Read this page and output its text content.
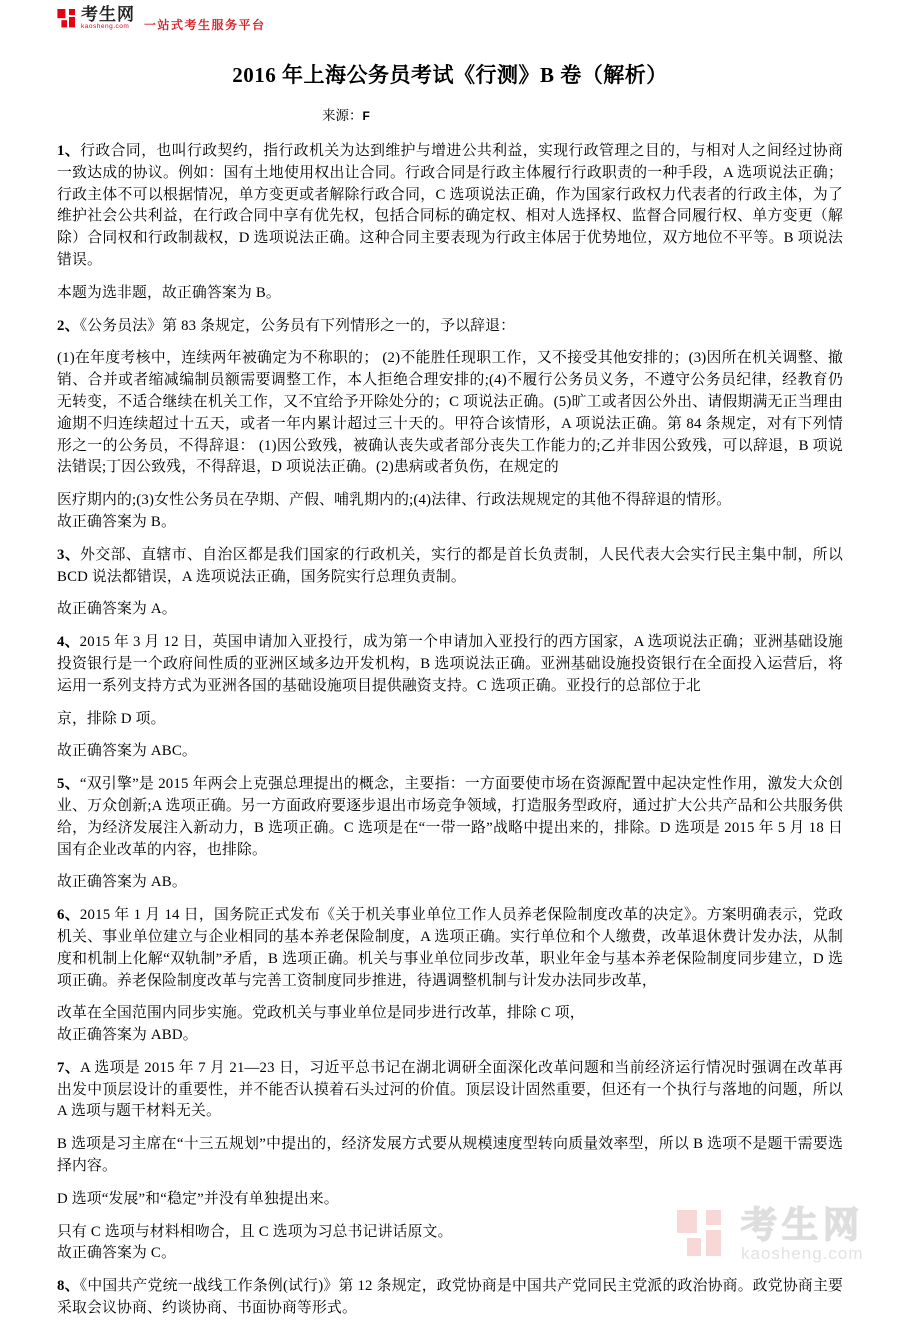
考生网
kaosheng.com	一站式考生服务平台
2016 年上海公务员考试《行测》B 卷（解析）
来源：F

1、行政合同，也叫行政契约，指行政机关为达到维护与增进公共利益，实现行政管理之目的，与相对人之间经过协商一致达成的协议。例如：国有土地使用权出让合同。行政合同是行政主体履行行政职责的一种手段，A 选项说法正确；行政主体不可以根据情况，单方变更或者解除行政合同，C 选项说法正确，作为国家行政权力代表者的行政主体，为了维护社会公共利益，在行政合同中享有优先权，包括合同标的确定权、相对人选择权、监督合同履行权、单方变更（解除）合同权和行政制裁权，D 选项说法正确。这种合同主要表现为行政主体居于优势地位，双方地位不平等。B 项说法错误。

本题为选非题，故正确答案为 B。

2、《公务员法》第 83 条规定，公务员有下列情形之一的，予以辞退：

(1)在年度考核中，连续两年被确定为不称职的； (2)不能胜任现职工作，又不接受其他安排的；(3)因所在机关调整、撤销、合并或者缩减编制员额需要调整工作，本人拒绝合理安排的;(4)不履行公务员义务，不遵守公务员纪律，经教育仍无转变，不适合继续在机关工作，又不宜给予开除处分的；C 项说法正确。(5)旷工或者因公外出、请假期满无正当理由逾期不归连续超过十五天，或者一年内累计超过三十天的。甲符合该情形，A 项说法正确。第 84 条规定，对有下列情形之一的公务员，不得辞退： (1)因公致残，被确认丧失或者部分丧失工作能力的;乙并非因公致残，可以辞退，B 项说法错误;丁因公致残，不得辞退，D 项说法正确。(2)患病或者负伤，在规定的

医疗期内的;(3)女性公务员在孕期、产假、哺乳期内的;(4)法律、行政法规规定的其他不得辞退的情形。
故正确答案为 B。

3、外交部、直辖市、自治区都是我们国家的行政机关，实行的都是首长负责制，人民代表大会实行民主集中制，所以 BCD 说法都错误，A 选项说法正确，国务院实行总理负责制。

故正确答案为 A。

4、2015 年 3 月 12 日，英国申请加入亚投行，成为第一个申请加入亚投行的西方国家，A 选项说法正确；亚洲基础设施投资银行是一个政府间性质的亚洲区域多边开发机构，B 选项说法正确。亚洲基础设施投资银行在全面投入运营后，将运用一系列支持方式为亚洲各国的基础设施项目提供融资支持。C 选项正确。亚投行的总部位于北

京，排除 D 项。

故正确答案为 ABC。

5、“双引擎”是 2015 年两会上克强总理提出的概念，主要指：一方面要使市场在资源配置中起决定性作用，激发大众创业、万众创新;A 选项正确。另一方面政府要逐步退出市场竞争领域，打造服务型政府，通过扩大公共产品和公共服务供给，为经济发展注入新动力，B 选项正确。C 选项是在“一带一路”战略中提出来的，排除。D 选项是 2015 年 5 月 18 日国有企业改革的内容，也排除。

故正确答案为 AB。

6、2015 年 1 月 14 日，国务院正式发布《关于机关事业单位工作人员养老保险制度改革的决定》。方案明确表示，党政机关、事业单位建立与企业相同的基本养老保险制度，A 选项正确。实行单位和个人缴费，改革退休费计发办法，从制度和机制上化解“双轨制”矛盾，B 选项正确。机关与事业单位同步改革，职业年金与基本养老保险制度同步建立，D 选项正确。养老保险制度改革与完善工资制度同步推进，待遇调整机制与计发办法同步改革，

改革在全国范围内同步实施。党政机关与事业单位是同步进行改革，排除 C 项，
故正确答案为 ABD。

7、A 选项是 2015 年 7 月 21—23 日，习近平总书记在湖北调研全面深化改革问题和当前经济运行情况时强调在改革再出发中顶层设计的重要性，并不能否认摸着石头过河的价值。顶层设计固然重要，但还有一个执行与落地的问题，所以 A 选项与题干材料无关。

B 选项是习主席在“十三五规划”中提出的，经济发展方式要从规模速度型转向质量效率型，所以 B 选项不是题干需要选择内容。

D 选项“发展”和“稳定”并没有单独提出来。

只有 C 选项与材料相吻合，且 C 选项为习总书记讲话原文。
故正确答案为 C。

8、《中国共产党统一战线工作条例(试行)》第 12 条规定，政党协商是中国共产党同民主党派的政治协商。政党协商主要采取会议协商、约谈协商、书面协商等形式。

考生网
kaosheng.com
